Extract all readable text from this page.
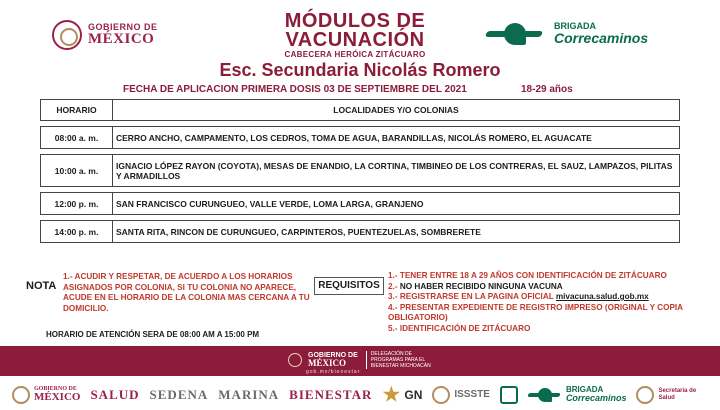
GOBIERNO DE
MÉXICO
MÓDULOS DE
VACUNACIÓN
CABECERA HERÓICA ZITÁCUARO
BRIGADA
Correcaminos
Esc. Secundaria Nicolás Romero
FECHA DE APLICACION PRIMERA DOSIS 03 DE SEPTIEMBRE DEL 2021	18-29 años
HORARIO	LOCALIDADES Y/O COLONIAS

08:00 a. m.	CERRO ANCHO, CAMPAMENTO, LOS CEDROS, TOMA DE AGUA, BARANDILLAS, NICOLÁS ROMERO, EL AGUACATE

10:00 a. m.	IGNACIO LÓPEZ RAYON (COYOTA), MESAS DE ENANDIO, LA CORTINA, TIMBINEO DE LOS CONTRERAS, EL SAUZ, LAMPAZOS, PILITAS Y ARMADILLOS

12:00 p. m.	SAN FRANCISCO CURUNGUEO, VALLE VERDE, LOMA LARGA, GRANJENO

14:00 p. m.	SANTA RITA, RINCON DE CURUNGUEO, CARPINTEROS, PUENTEZUELAS, SOMBRERETE
NOTA
1.- ACUDIR Y RESPETAR, DE ACUERDO A LOS HORARIOS ASIGNADOS POR COLONIA, SI TU COLONIA NO APARECE, ACUDE EN EL HORARIO DE LA COLONIA MAS CERCANA A TU DOMICILIO.
REQUISITOS
1.- TENER ENTRE 18 A 29 AÑOS CON IDENTIFICACIÓN DE ZITÁCUARO
2.- NO HABER RECIBIDO NINGUNA VACUNA
3.- REGISTRARSE EN LA PAGINA OFICIAL mivacuna.salud.gob.mx
4.- PRESENTAR EXPEDIENTE DE REGISTRO IMPRESO (ORIGINAL Y COPIA OBLIGATORIO)
5.- IDENTIFICACIÓN DE ZITÁCUARO
HORARIO DE ATENCIÓN SERA DE 08:00 AM A 15:00 PM
GOBIERNO DE
MÉXICO
DELEGACIÓN DE PROGRAMAS PARA EL BIENESTAR MICHOACÁN
gob.mx/bienestar
GOBIERNO DE
MÉXICO SALUD SEDENA MARINA BIENESTAR	GN	ISSSTE	BRIGADA
Correcaminos
Secretaría de Salud
